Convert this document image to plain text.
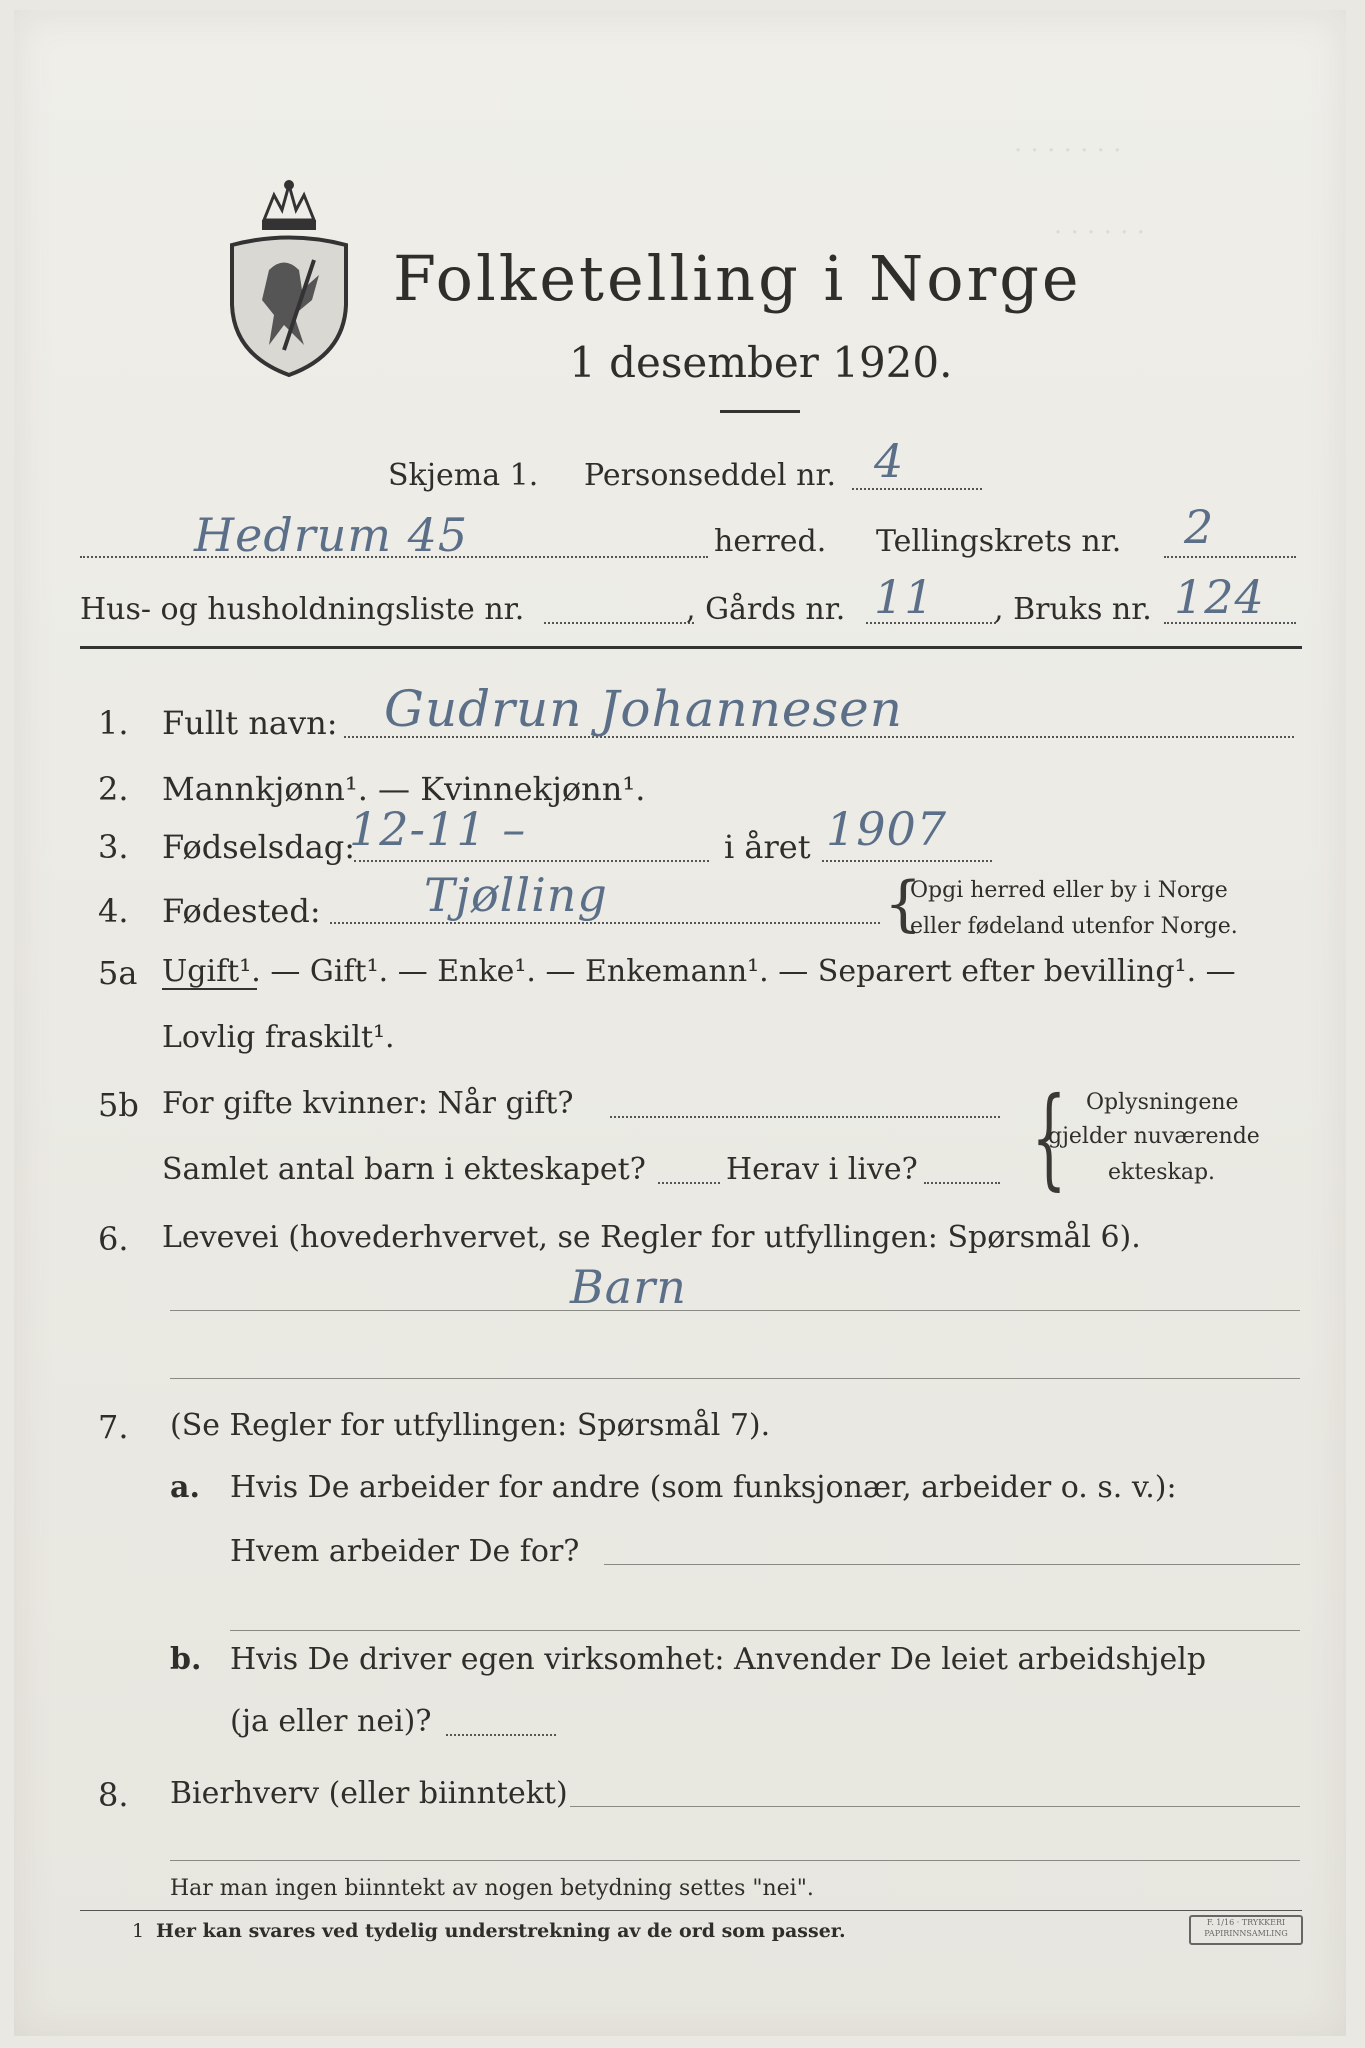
. . . . . . .
. . . . . .
Folketelling i Norge
1 desember 1920.
Skjema 1. Personseddel nr. 4
Hedrum 45	herred. Tellingskrets nr. 2
Hus- og husholdningsliste nr.	, Gårds nr. 11 , Bruks nr. 124
1. Fullt navn: Gudrun Johannesen
2. Mannkjønn¹. — Kvinnekjønn¹.
3. Fødselsdag:
12-11 –	i året 1907
4. Fødested: Tjølling	{
Opgi herred eller by i Norge
eller fødeland utenfor Norge.
5a Ugift¹. — Gift¹. — Enke¹. — Enkemann¹. — Separert efter bevilling¹. —
Lovlig fraskilt¹.
5b For gifte kvinner: Når gift?
Samlet antal barn i ekteskapet?	Herav i live? { Oplysningene
gjelder nuværende
ekteskap.
6. Levevei (hovederhvervet, se Regler for utfyllingen: Spørsmål 6).
Barn
7. (Se Regler for utfyllingen: Spørsmål 7).
a. Hvis De arbeider for andre (som funksjonær, arbeider o. s. v.):
Hvem arbeider De for?
b. Hvis De driver egen virksomhet: Anvender De leiet arbeidshjelp
(ja eller nei)?
8. Bierhverv (eller biinntekt)
Har man ingen biinntekt av nogen betydning settes "nei".
1 Her kan svares ved tydelig understrekning av de ord som passer.	F. 1/16 · TRYKKERI
PAPIRINNSAMLING
